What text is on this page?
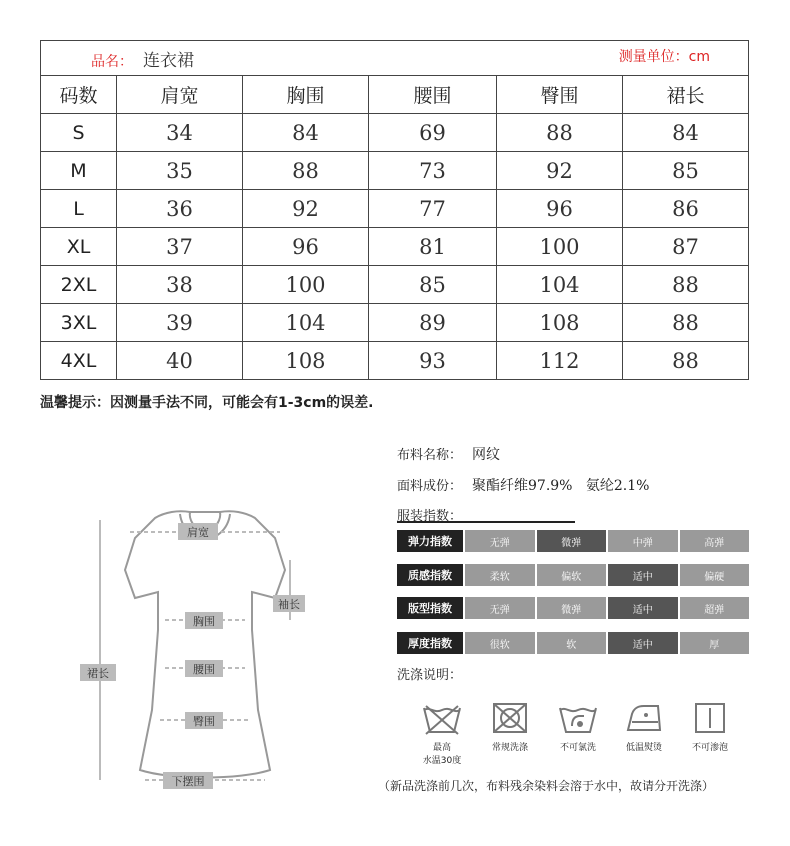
品名： 连衣裙 测量单位：cm					

码数	肩宽	胸围	腰围	臀围	裙长
S	34	84	69	88	84
M	35	88	73	92	85
L	36	92	77	96	86
XL	37	96	81	100	87
2XL	38	100	85	104	88
3XL	39	104	89	108	88
4XL	40	108	93	112	88
温馨提示：因测量手法不同，可能会有1-3cm的误差.
肩宽
袖长
胸围
腰围
臀围
裙长
下摆围
布料名称： 网纹
面料成份： 聚酯纤维97.9%   氨纶2.1%
服装指数：
弹力指数	无弹	微弹	中弹	高弹
质感指数	柔软	偏软	适中	偏硬
版型指数	无弹	微弹	适中	超弹
厚度指数	很软	软	适中	厚
洗涤说明：
最高
水温30度
常规洗涤	不可氯洗	低温熨烫	不可渗泡
（新品洗涤前几次，布料残余染料会溶于水中，故请分开洗涤）
